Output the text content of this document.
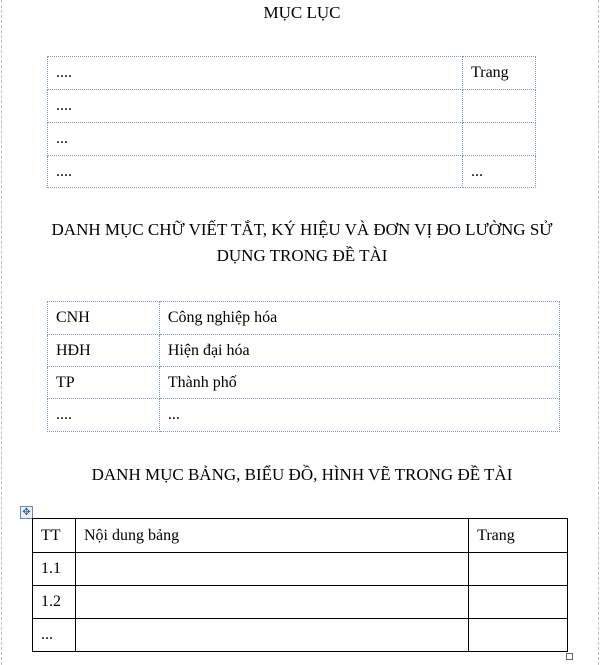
MỤC LỤC
....	Trang
....	
...	
....	...
DANH MỤC CHỮ VIẾT TẮT, KÝ HIỆU VÀ ĐƠN VỊ ĐO LƯỜNG SỬ
DỤNG TRONG ĐỀ TÀI
CNH	Công nghiệp hóa
HĐH	Hiện đại hóa
TP	Thành phố
....	...
DANH MỤC BẢNG, BIỂU ĐỒ, HÌNH VẼ TRONG ĐỀ TÀI
✥
TT	Nội dung bảng	Trang
1.1		
1.2		
...		
